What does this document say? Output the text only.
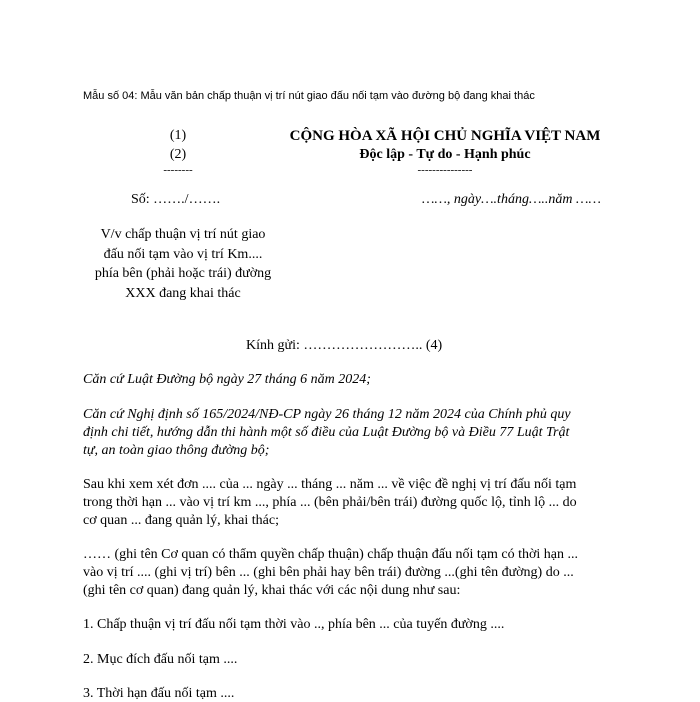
Mẫu số 04: Mẫu văn bản chấp thuận vị trí nút giao đấu nối tạm vào đường bộ đang khai thác
(1)
(2)
--------
CỘNG HÒA XÃ HỘI CHỦ NGHĨA VIỆT NAM
Độc lập - Tự do - Hạnh phúc
---------------
Số: ……./…….	……, ngày….tháng…..năm ……
V/v chấp thuận vị trí nút giao
đấu nối tạm vào vị trí Km....
phía bên (phải hoặc trái) đường
XXX đang khai thác
Kính gửi: …………………….. (4)
Căn cứ Luật Đường bộ ngày 27 tháng 6 năm 2024;
Căn cứ Nghị định số 165/2024/NĐ-CP ngày 26 tháng 12 năm 2024 của Chính phủ quy
định chi tiết, hướng dẫn thi hành một số điều của Luật Đường bộ và Điều 77 Luật Trật
tự, an toàn giao thông đường bộ;
Sau khi xem xét đơn .... của ... ngày ... tháng ... năm ... về việc đề nghị vị trí đấu nối tạm
trong thời hạn ... vào vị trí km ..., phía ... (bên phải/bên trái) đường quốc lộ, tỉnh lộ ... do
cơ quan ... đang quản lý, khai thác;
…… (ghi tên Cơ quan có thẩm quyền chấp thuận) chấp thuận đấu nối tạm có thời hạn ...
vào vị trí .... (ghi vị trí) bên ... (ghi bên phải hay bên trái) đường ...(ghi tên đường) do ...
(ghi tên cơ quan) đang quản lý, khai thác với các nội dung như sau:
1. Chấp thuận vị trí đấu nối tạm thời vào .., phía bên ... của tuyến đường ....
2. Mục đích đấu nối tạm ....
3. Thời hạn đấu nối tạm ....
